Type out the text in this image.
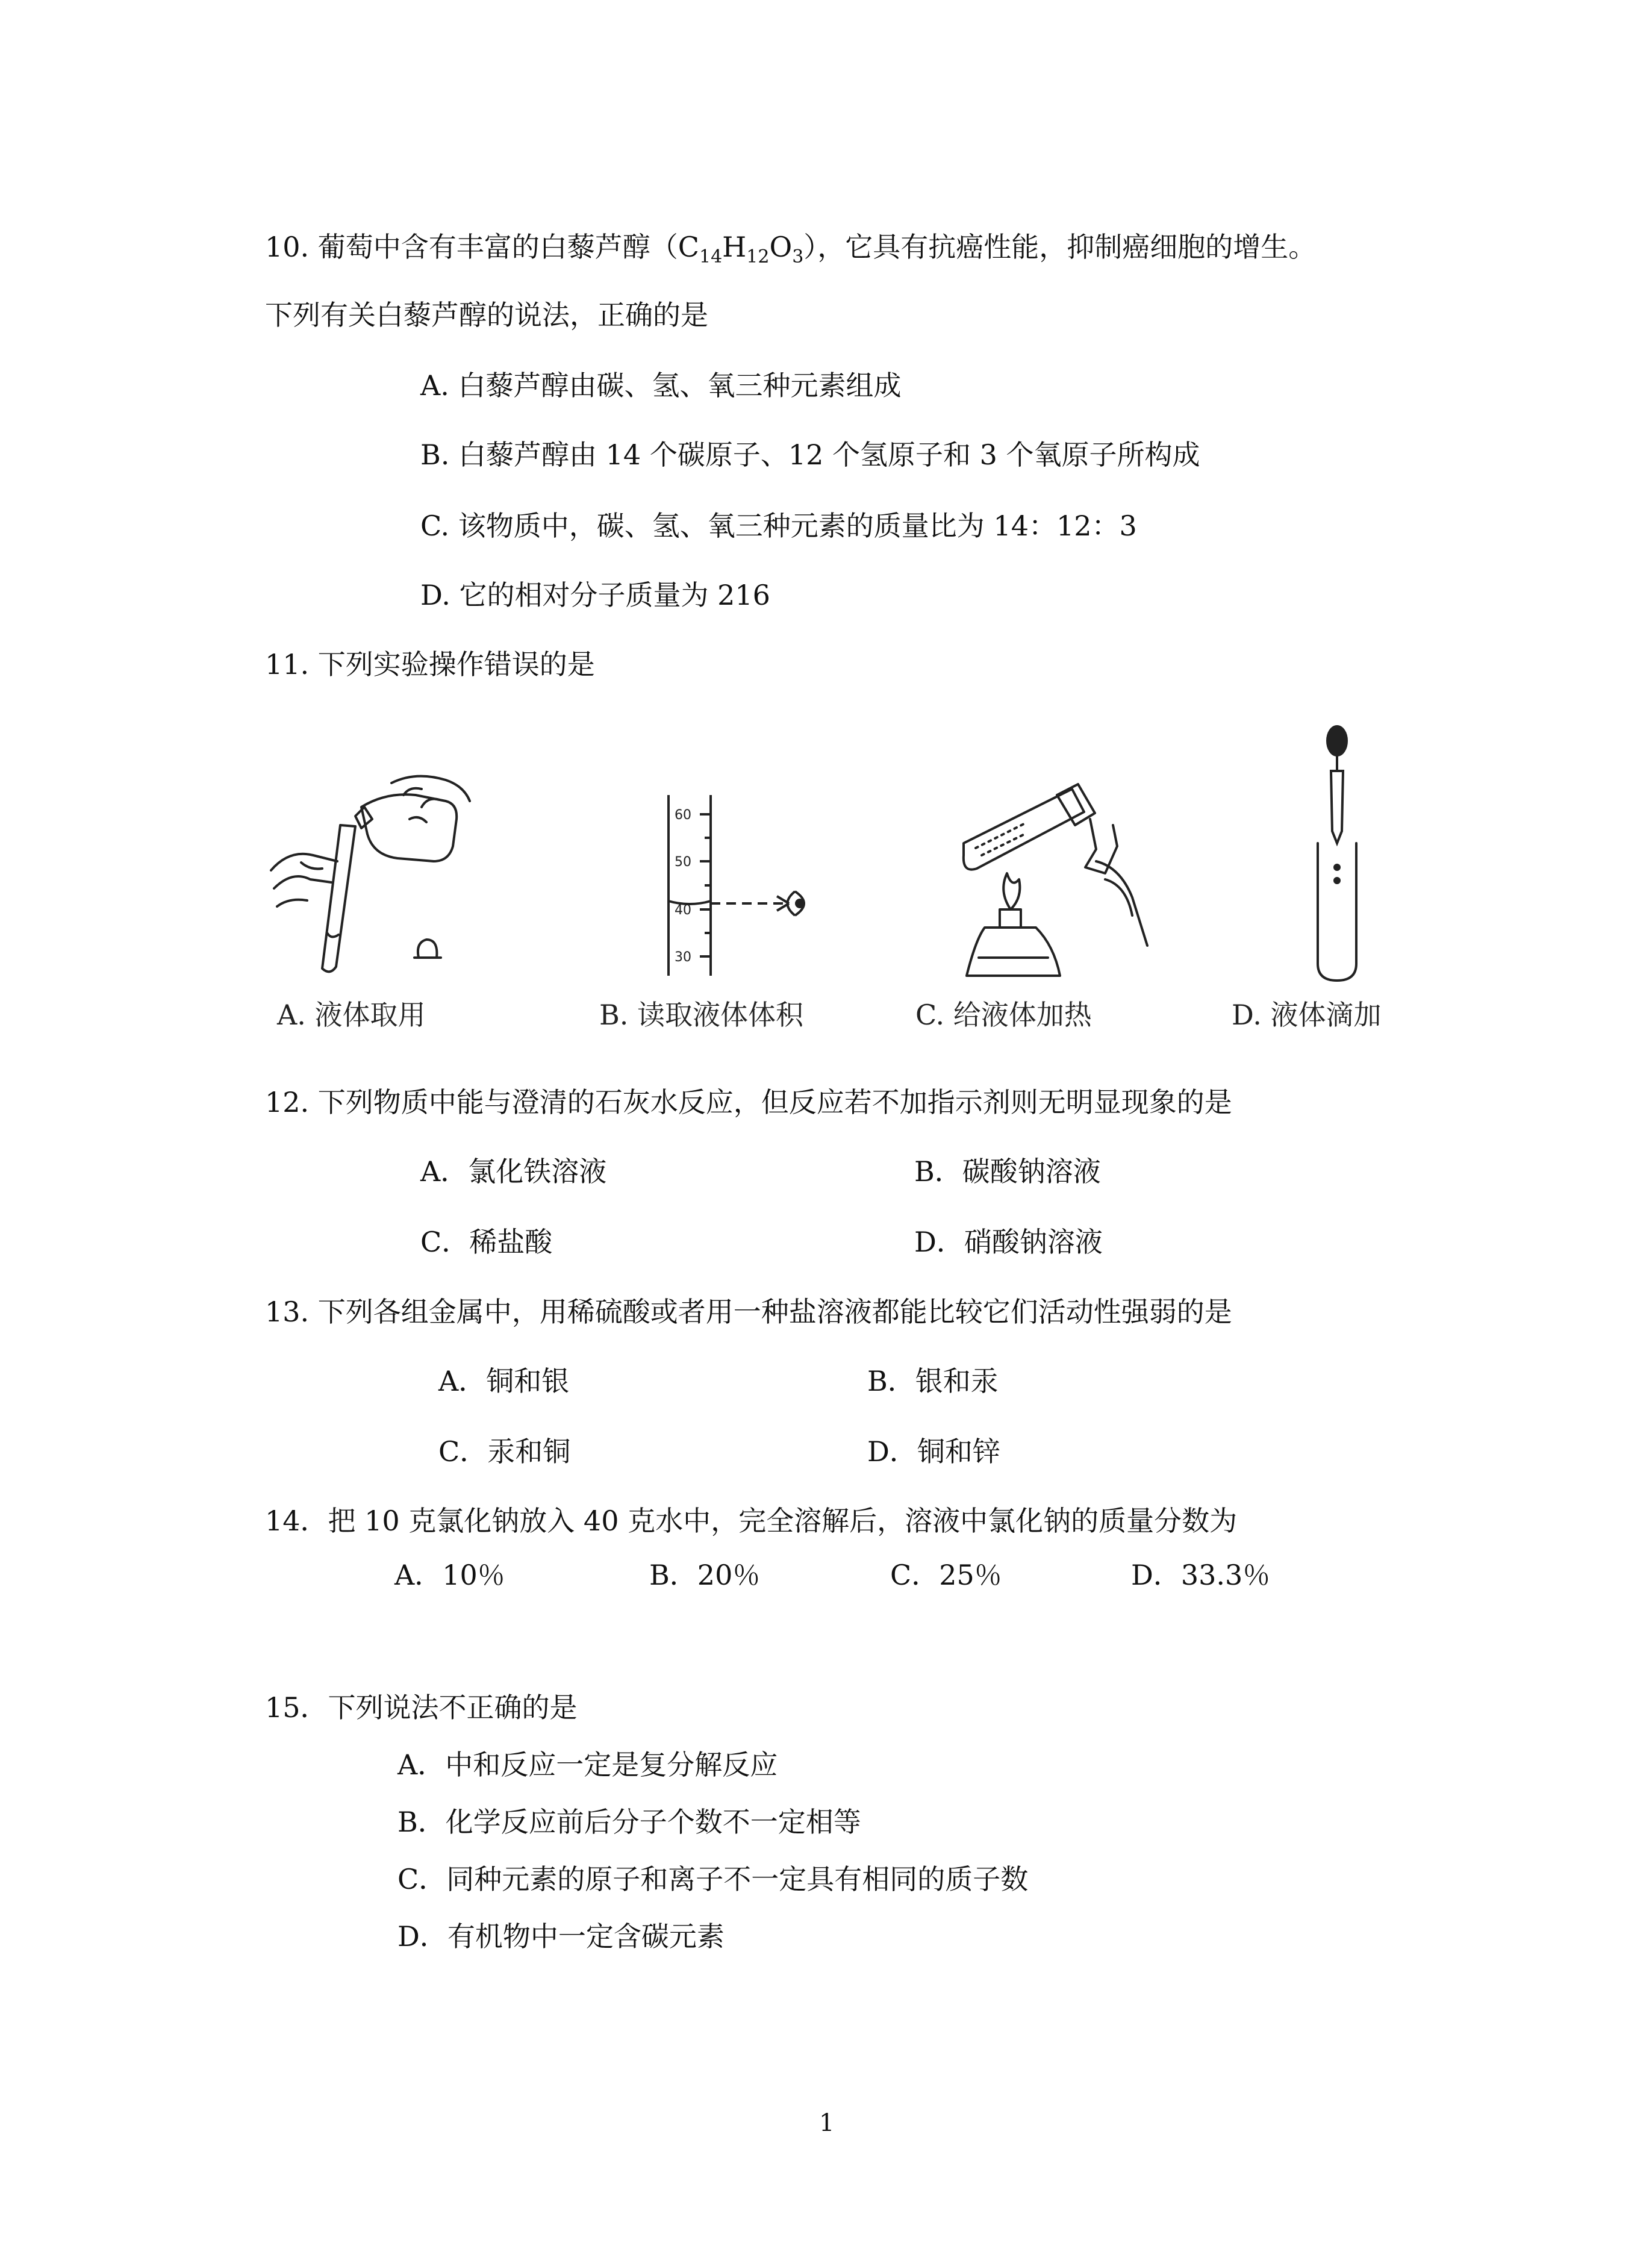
10. 葡萄中含有丰富的白藜芦醇$(C_{14}H_{12}O_3)$，它具有抗癌性能，抑制癌细胞的增生。
下列有关白藜芦醇的说法，正确的是
A. 白藜芦醇由碳、氢、氧三种元素组成
B. 白藜芦醇由 14 个碳原子、12 个氢原子和 3 个氧原子所构成
C. 该物质中，碳、氢、氧三种元素的质量比为 14：12：3
D. 它的相对分子质量为 216
11. 下列实验操作错误的是
A. 液体取用
60
50
40
30
B. 读取液体体积	C. 给液体加热	D. 液体滴加
12. 下列物质中能与澄清的石灰水反应，但反应若不加指示剂则无明显现象的是
A．氯化铁溶液	B．碳酸钠溶液
C．稀盐酸	D．硝酸钠溶液
13. 下列各组金属中，用稀硫酸或者用一种盐溶液都能比较它们活动性强弱的是
A．铜和银	B．银和汞
C．汞和铜	D．铜和锌
14．把 10 克氯化钠放入 40 克水中，完全溶解后，溶液中氯化钠的质量分数为
A．10％	B．20％	C．25％	D．33.3％
15．下列说法不正确的是
A．中和反应一定是复分解反应
B．化学反应前后分子个数不一定相等
C．同种元素的原子和离子不一定具有相同的质子数
D．有机物中一定含碳元素
1
